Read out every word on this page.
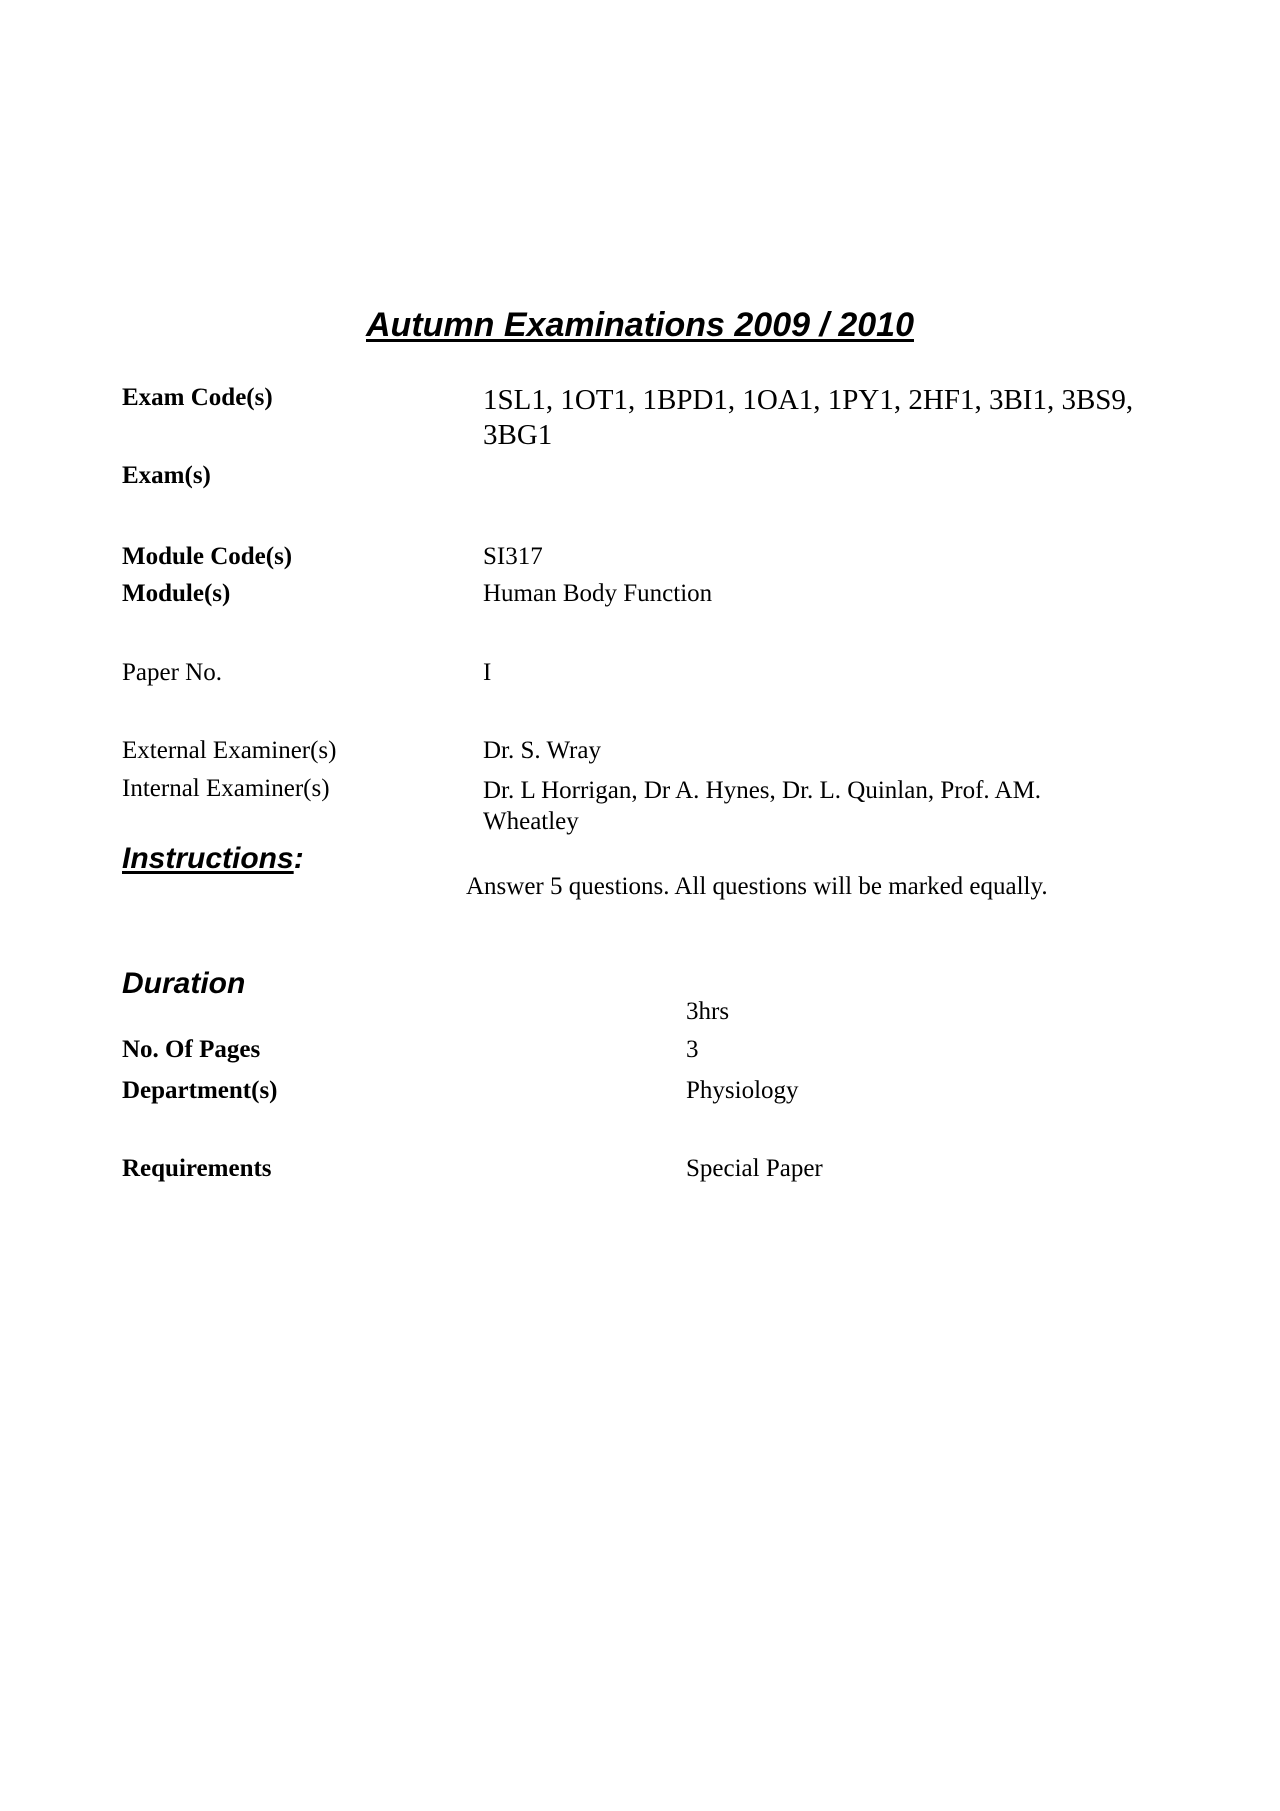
Autumn Examinations 2009 / 2010
Exam Code(s)	1SL1, 1OT1, 1BPD1, 1OA1, 1PY1, 2HF1, 3BI1, 3BS9, 3BG1
Exam(s)
Module Code(s)	SI317
Module(s)	Human Body Function
Paper No.	I
External Examiner(s)	Dr. S. Wray
Internal Examiner(s)	Dr. L Horrigan, Dr A. Hynes, Dr. L. Quinlan, Prof. AM. Wheatley
Instructions:
Answer 5 questions. All questions will be marked equally.
Duration
3hrs
No. Of Pages	3
Department(s)	Physiology
Requirements	Special Paper
